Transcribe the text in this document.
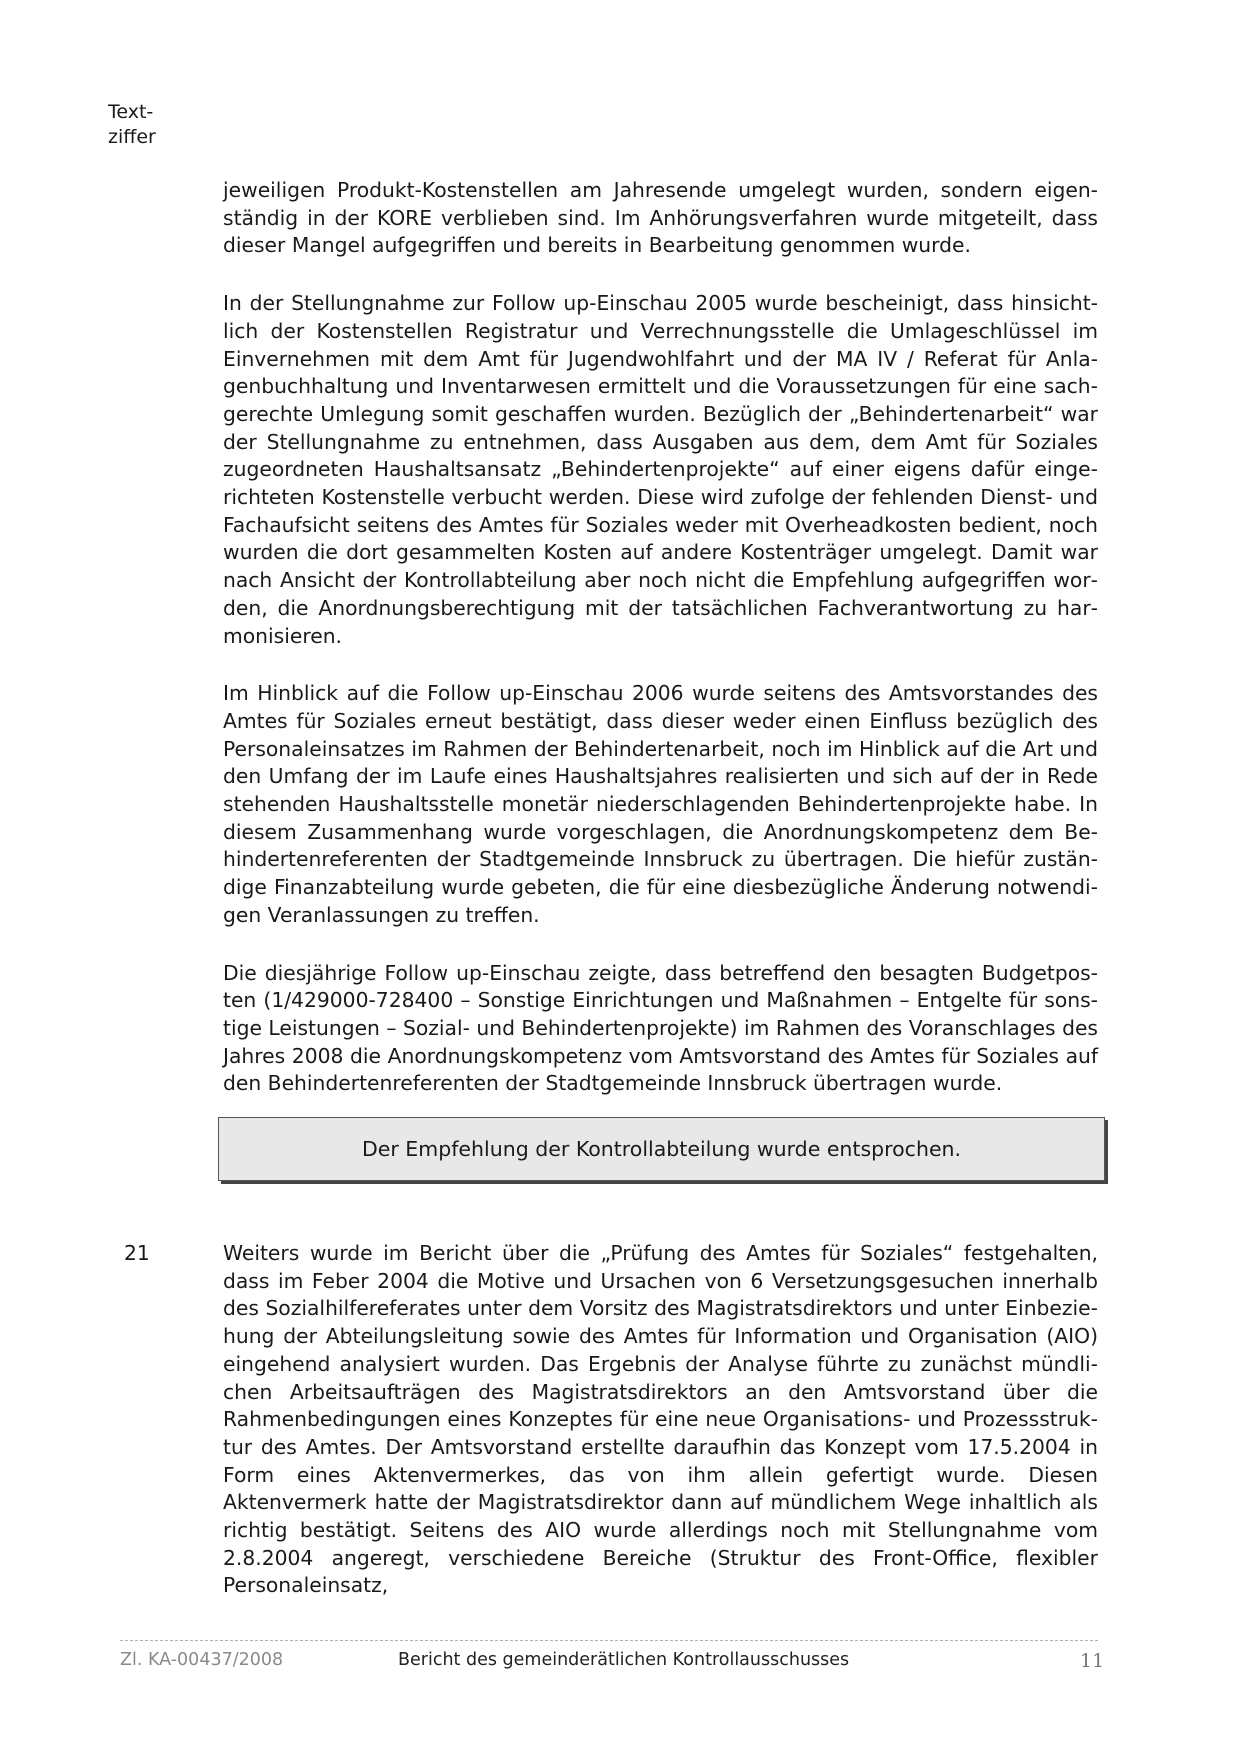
Text-
ziffer

jeweiligen Produkt-Kostenstellen am Jahresende umgelegt wurden, sondern eigenständig in der KORE verblieben sind. Im Anhörungsverfahren wurde mitgeteilt, dass dieser Mangel aufgegriffen und bereits in Bearbeitung genommen wurde.

In der Stellungnahme zur Follow up-Einschau 2005 wurde bescheinigt, dass hinsichtlich der Kostenstellen Registratur und Verrechnungsstelle die Umlageschlüssel im Einvernehmen mit dem Amt für Jugendwohlfahrt und der MA IV / Referat für Anlagenbuchhaltung und Inventarwesen ermittelt und die Voraussetzungen für eine sachgerechte Umlegung somit geschaffen wurden. Bezüglich der „Behindertenarbeit“ war der Stellungnahme zu entnehmen, dass Ausgaben aus dem, dem Amt für Soziales zugeordneten Haushaltsansatz „Behindertenprojekte“ auf einer eigens dafür eingerichteten Kostenstelle verbucht werden. Diese wird zufolge der fehlenden Dienst- und Fachaufsicht seitens des Amtes für Soziales weder mit Overheadkosten bedient, noch wurden die dort gesammelten Kosten auf andere Kostenträger umgelegt. Damit war nach Ansicht der Kontrollabteilung aber noch nicht die Empfehlung aufgegriffen worden, die Anordnungsberechtigung mit der tatsächlichen Fachverantwortung zu harmonisieren.

Im Hinblick auf die Follow up-Einschau 2006 wurde seitens des Amtsvorstandes des Amtes für Soziales erneut bestätigt, dass dieser weder einen Einfluss bezüglich des Personaleinsatzes im Rahmen der Behindertenarbeit, noch im Hinblick auf die Art und den Umfang der im Laufe eines Haushaltsjahres realisierten und sich auf der in Rede stehenden Haushaltsstelle monetär niederschlagenden Behindertenprojekte habe. In diesem Zusammenhang wurde vorgeschlagen, die Anordnungskompetenz dem Behindertenreferenten der Stadtgemeinde Innsbruck zu übertragen. Die hiefür zuständige Finanzabteilung wurde gebeten, die für eine diesbezügliche Änderung notwendigen Veranlassungen zu treffen.

Die diesjährige Follow up-Einschau zeigte, dass betreffend den besagten Budgetposten (1/429000-728400 – Sonstige Einrichtungen und Maßnahmen – Entgelte für sonstige Leistungen – Sozial- und Behindertenprojekte) im Rahmen des Voranschlages des Jahres 2008 die Anordnungskompetenz vom Amtsvorstand des Amtes für Soziales auf den Behindertenreferenten der Stadtgemeinde Innsbruck übertragen wurde.

Der Empfehlung der Kontrollabteilung wurde entsprochen.
21	Weiters wurde im Bericht über die „Prüfung des Amtes für Soziales“ festgehalten, dass im Feber 2004 die Motive und Ursachen von 6 Versetzungsgesuchen innerhalb des Sozialhilfereferates unter dem Vorsitz des Magistratsdirektors und unter Einbeziehung der Abteilungsleitung sowie des Amtes für Information und Organisation (AIO) eingehend analysiert wurden. Das Ergebnis der Analyse führte zu zunächst mündlichen Arbeitsaufträgen des Magistratsdirektors an den Amtsvorstand über die Rahmenbedingungen eines Konzeptes für eine neue Organisations- und Prozessstruktur des Amtes. Der Amtsvorstand erstellte daraufhin das Konzept vom 17.5.2004 in Form eines Aktenvermerkes, das von ihm allein gefertigt wurde. Diesen Aktenvermerk hatte der Magistratsdirektor dann auf mündlichem Wege inhaltlich als richtig bestätigt. Seitens des AIO wurde allerdings noch mit Stellungnahme vom 2.8.2004 angeregt, verschiedene Bereiche (Struktur des Front-Office, flexibler Personaleinsatz,

Zl. KA-00437/2008	Bericht des gemeinderätlichen Kontrollausschusses	11
